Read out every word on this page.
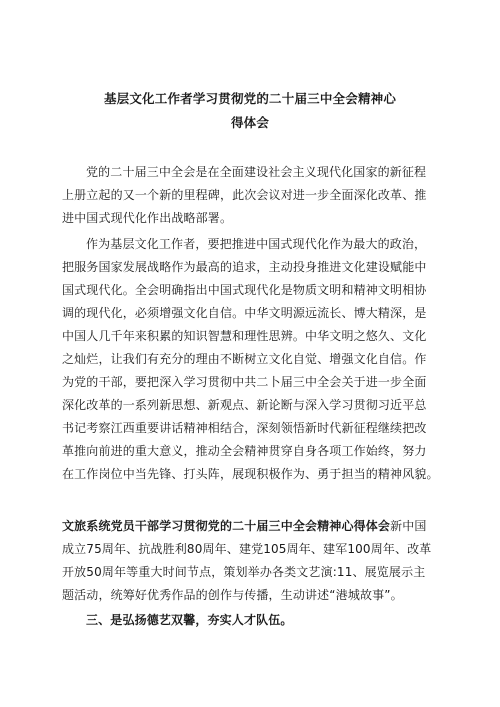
基层文化工作者学习贯彻党的二十届三中全会精神心
得体会
党的二十届三中全会是在全面建设社会主义现代化国家的新征程
上册立起的又一个新的里程碑，此次会议对进一步全面深化改革、推
进中国式现代化作出战略部署。
作为基层文化工作者，要把推进中国式现代化作为最大的政治，
把服务国家发展战略作为最高的追求，主动投身推进文化建设赋能中
国式现代化。全会明确指出中国式现代化是物质文明和精神文明相协
调的现代化，必须增强文化自信。中华文明源远流长、博大精深，是
中国人几千年来积累的知识智慧和理性思辨。中华文明之悠久、文化
之灿烂，让我们有充分的理由不断树立文化自觉、增强文化自信。作
为党的干部，要把深入学习贯彻中共二卜届三中全会关于进一步全面
深化改革的一系列新思想、新观点、新论断与深入学习贯彻习近平总
书记考察江西重要讲话精神相结合，深刻领悟新时代新征程继续把改
革推向前进的重大意义，推动全会精神贯穿自身各项工作始终，努力
在工作岗位中当先锋、打头阵，展现积极作为、勇于担当的精神风貌。
文旅系统党员干部学习贯彻党的二十届三中全会精神心得体会新中国
成立75周年、抗战胜利80周年、建党105周年、建军100周年、改革
开放50周年等重大时间节点，策划举办各类文艺演:11、展览展示主
题活动，统筹好优秀作品的创作与传播，生动讲述“港城故事”。
三、是弘扬德艺双馨，夯实人才队伍。
